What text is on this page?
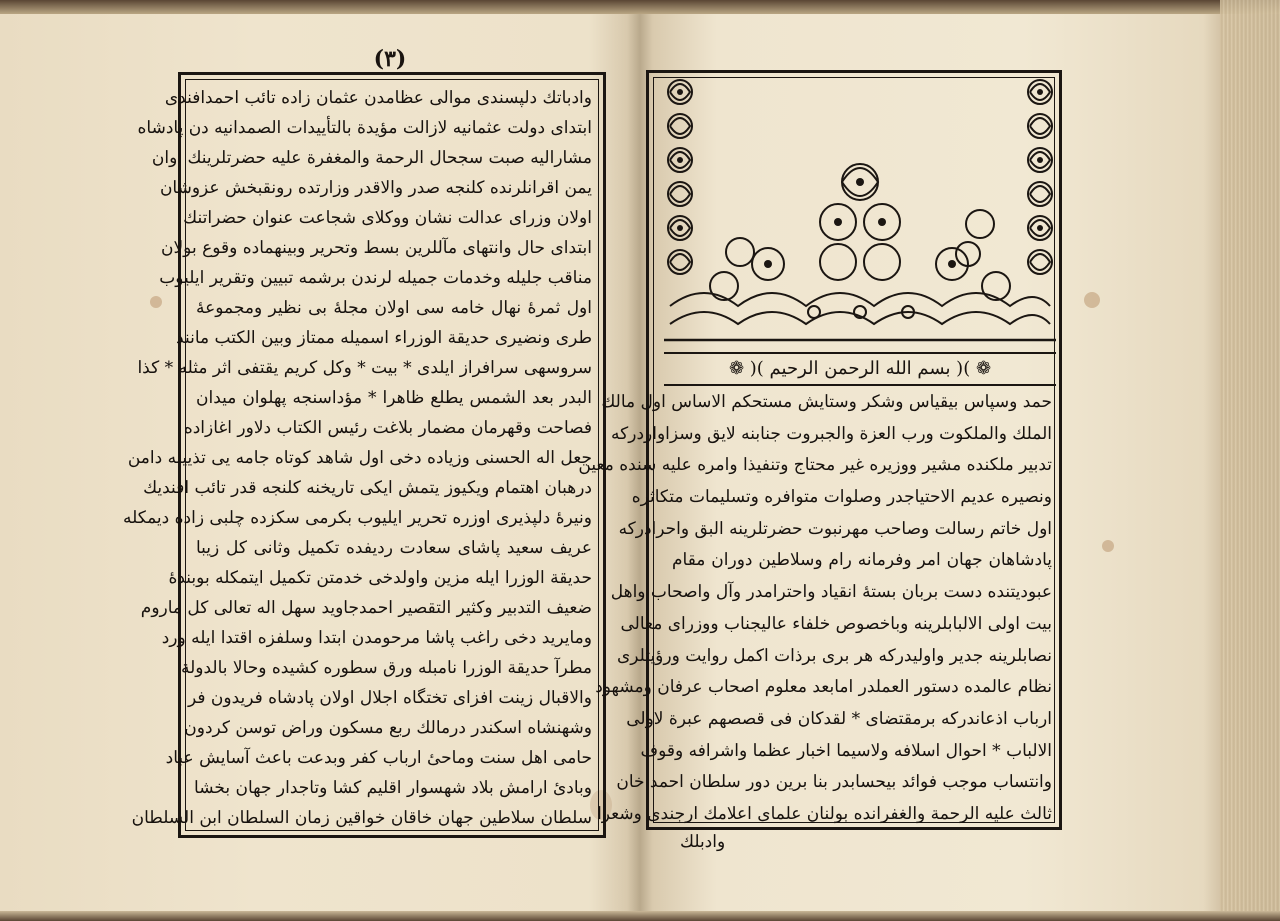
(٣)
وادباتك دلپسندى موالى عظامدن عثمان زاده تائب احمدافندى
ابتداى دولت عثمانيه لازالت مؤيدة بالتأييدات الصمدانيه دن پادشاه
مشاراليه صبت سجحال الرحمة والمغفرة عليه حضرتلرينك اوان
يمن اقرانلرنده كلنجه صدر والاقدر وزارتده رونقبخش عزوشان
اولان وزراى عدالت نشان ووكلاى شجاعت عنوان حضراتنك
ابتداى حال وانتهاى مآللرين بسط وتحرير وبينهماده وقوع بولان
مناقب جليله وخدمات جميله لرندن برشمه تبيين وتقرير ايليوب
اول ثمرهٔ نهال خامه سى اولان مجلهٔ بى نظير ومجموعهٔ
طرى ونضيرى حديقة الوزراء اسميله ممتاز وبين الكتب مانند
سروسهى سرافراز ايلدى * بيت * وكل كريم يقتفى اثر مثله * كذا
البدر بعد الشمس يطلع ظاهرا * مؤداسنجه پهلوان ميدان
فصاحت وقهرمان مضمار بلاغت رئيس الكتاب دلاور اغازاده
جعل اله الحسنى وزياده دخى اول شاهد كوتاه جامه يى تذييله دامن
درهبان اهتمام ويكيوز يتمش ايكى تاريخنه كلنجه قدر تائب افنديك
ونيرهٔ دلپذيرى اوزره تحرير ايليوب بكرمى سكزده چلبى زاده ديمكله
عريف سعيد پاشاى سعادت رديفده تكميل وثانى كل زيبا
حديقة الوزرا ايله مزين واولدخى خدمتن تكميل ايتمكله بوبندهٔ
ضعيف التدبير وكثير التقصير احمدجاويد سهل اله تعالى كل ماروم
ومايريد دخى راغب پاشا مرحومدن ابتدا وسلفزه اقتدا ايله ورد
مطرآ حديقة الوزرا نامبله ورق سطوره كشيده وحالا بالدولة
والاقبال زينت افزاى تختگاه اجلال اولان پادشاه فريدون فر
وشهنشاه اسكندر درمالك ربع مسكون وراض توسن كردون
حامى اهل سنت وماحىٔ ارباب كفر وبدعت باعث آسايش عباد
وبادىٔ ارامش بلاد شهسوار اقليم كشا وتاجدار جهان بخشا
سلطان سلاطين جهان خاقان خواقين زمان السلطان ابن السلطان
❁ )( بسم الله الرحمن الرحيم )( ❁
حمد وسپاس بيقياس وشكر وستايش مستحكم الاساس اول مالك
الملك والملكوت ورب العزة والجبروت جنابنه لايق وسزاواردركه
تدبير ملكنده مشير ووزيره غير محتاج وتنفيذا وامره عليه سنده معين
ونصيره عديم الاحتياجدر وصلوات متوافره وتسليمات متكاثره
اول خاتم رسالت وصاحب مهرنبوت حضرتلرينه البق واحرادركه
پادشاهان جهان امر وفرمانه رام وسلاطين دوران مقام
عبوديتنده دست بربان بستهٔ انقياد واحترامدر وآل واصحاب واهل
بيت اولى الالبابلرينه وباخصوص خلفاء عاليجناب ووزراى معالى
نصابلرينه جدير واوليدركه هر برى برذات اكمل روايت ورؤيتلرى
نظام عالمده دستور العملدر امابعد معلوم اصحاب عرفان ومشهود
ارباب اذعاندركه برمقتضاى * لقدكان فى قصصهم عبرة لاولى
الالباب * احوال اسلافه ولاسيما اخبار عظما واشرافه وقوف
وانتساب موجب فوائد بيحسابدر بنا برين دور سلطان احمد خان
ثالث عليه الرحمة والغفرانده بولنان علماى اعلامك ارجندى وشعرا
وادبلك
